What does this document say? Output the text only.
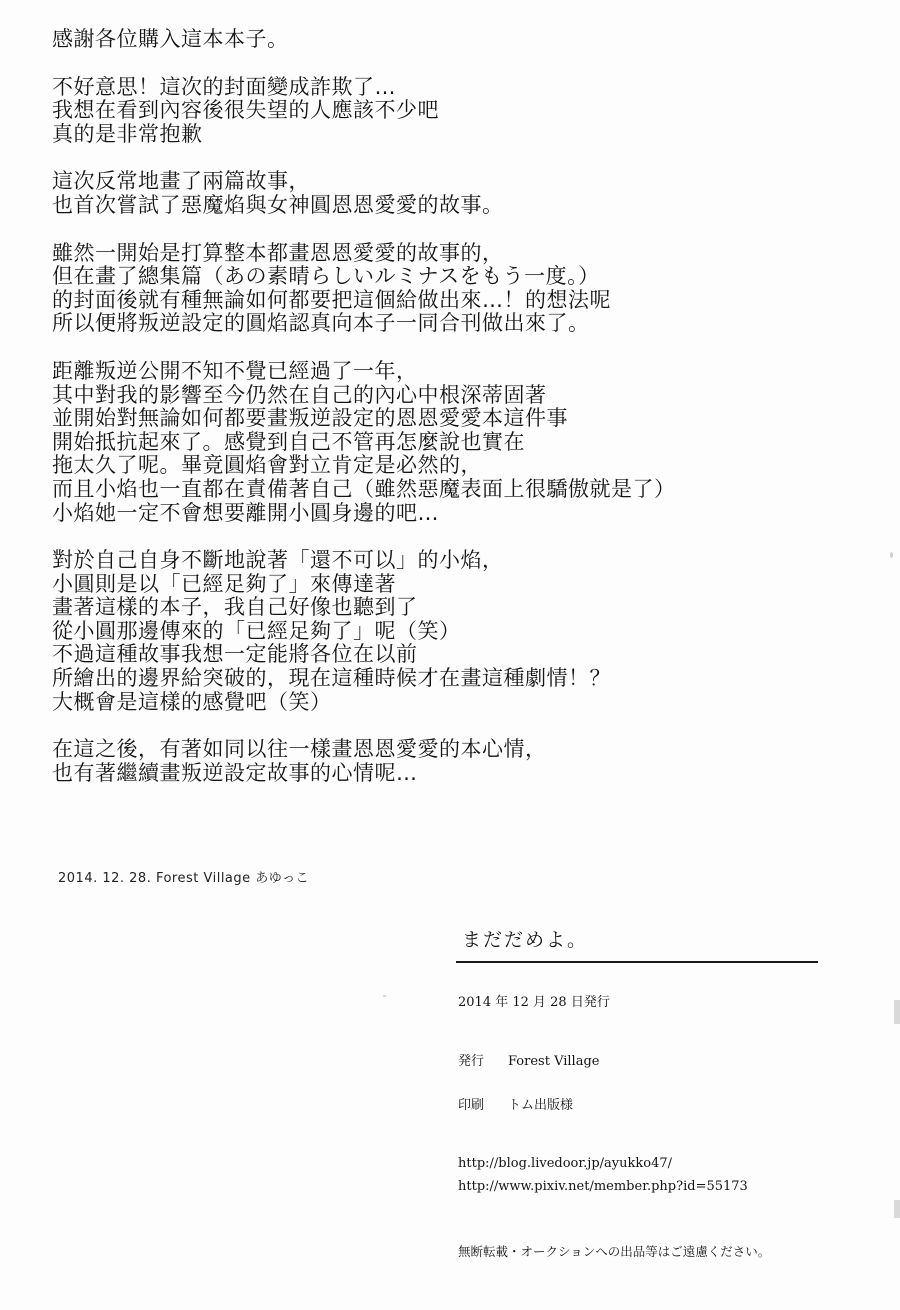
感謝各位購入這本本子。
不好意思！這次的封面變成詐欺了…
我想在看到內容後很失望的人應該不少吧
真的是非常抱歉
這次反常地畫了兩篇故事，
也首次嘗試了惡魔焰與女神圓恩恩愛愛的故事。
雖然一開始是打算整本都畫恩恩愛愛的故事的，
但在畫了總集篇（あの素晴らしいルミナスをもう一度。）
的封面後就有種無論如何都要把這個給做出來…！的想法呢
所以便將叛逆設定的圓焰認真向本子一同合刊做出來了。
距離叛逆公開不知不覺已經過了一年，
其中對我的影響至今仍然在自己的內心中根深蒂固著
並開始對無論如何都要畫叛逆設定的恩恩愛愛本這件事
開始抵抗起來了。感覺到自己不管再怎麼說也實在
拖太久了呢。畢竟圓焰會對立肯定是必然的，
而且小焰也一直都在責備著自己（雖然惡魔表面上很驕傲就是了）
小焰她一定不會想要離開小圓身邊的吧…
對於自己自身不斷地說著「還不可以」的小焰，
小圓則是以「已經足夠了」來傳達著
畫著這樣的本子，我自己好像也聽到了
從小圓那邊傳來的「已經足夠了」呢（笑）
不過這種故事我想一定能將各位在以前
所繪出的邊界給突破的，現在這種時候才在畫這種劇情！？
大概會是這樣的感覺吧（笑）
在這之後，有著如同以往一樣畫恩恩愛愛的本心情，
也有著繼續畫叛逆設定故事的心情呢…
2014. 12. 28. Forest Village あゆっこ
まだだめよ。
2014 年 12 月 28 日発行
発行 Forest Village
印刷 トム出版様
http://blog.livedoor.jp/ayukko47/
http://www.pixiv.net/member.php?id=55173
無断転載・オークションへの出品等はご遠慮ください。
